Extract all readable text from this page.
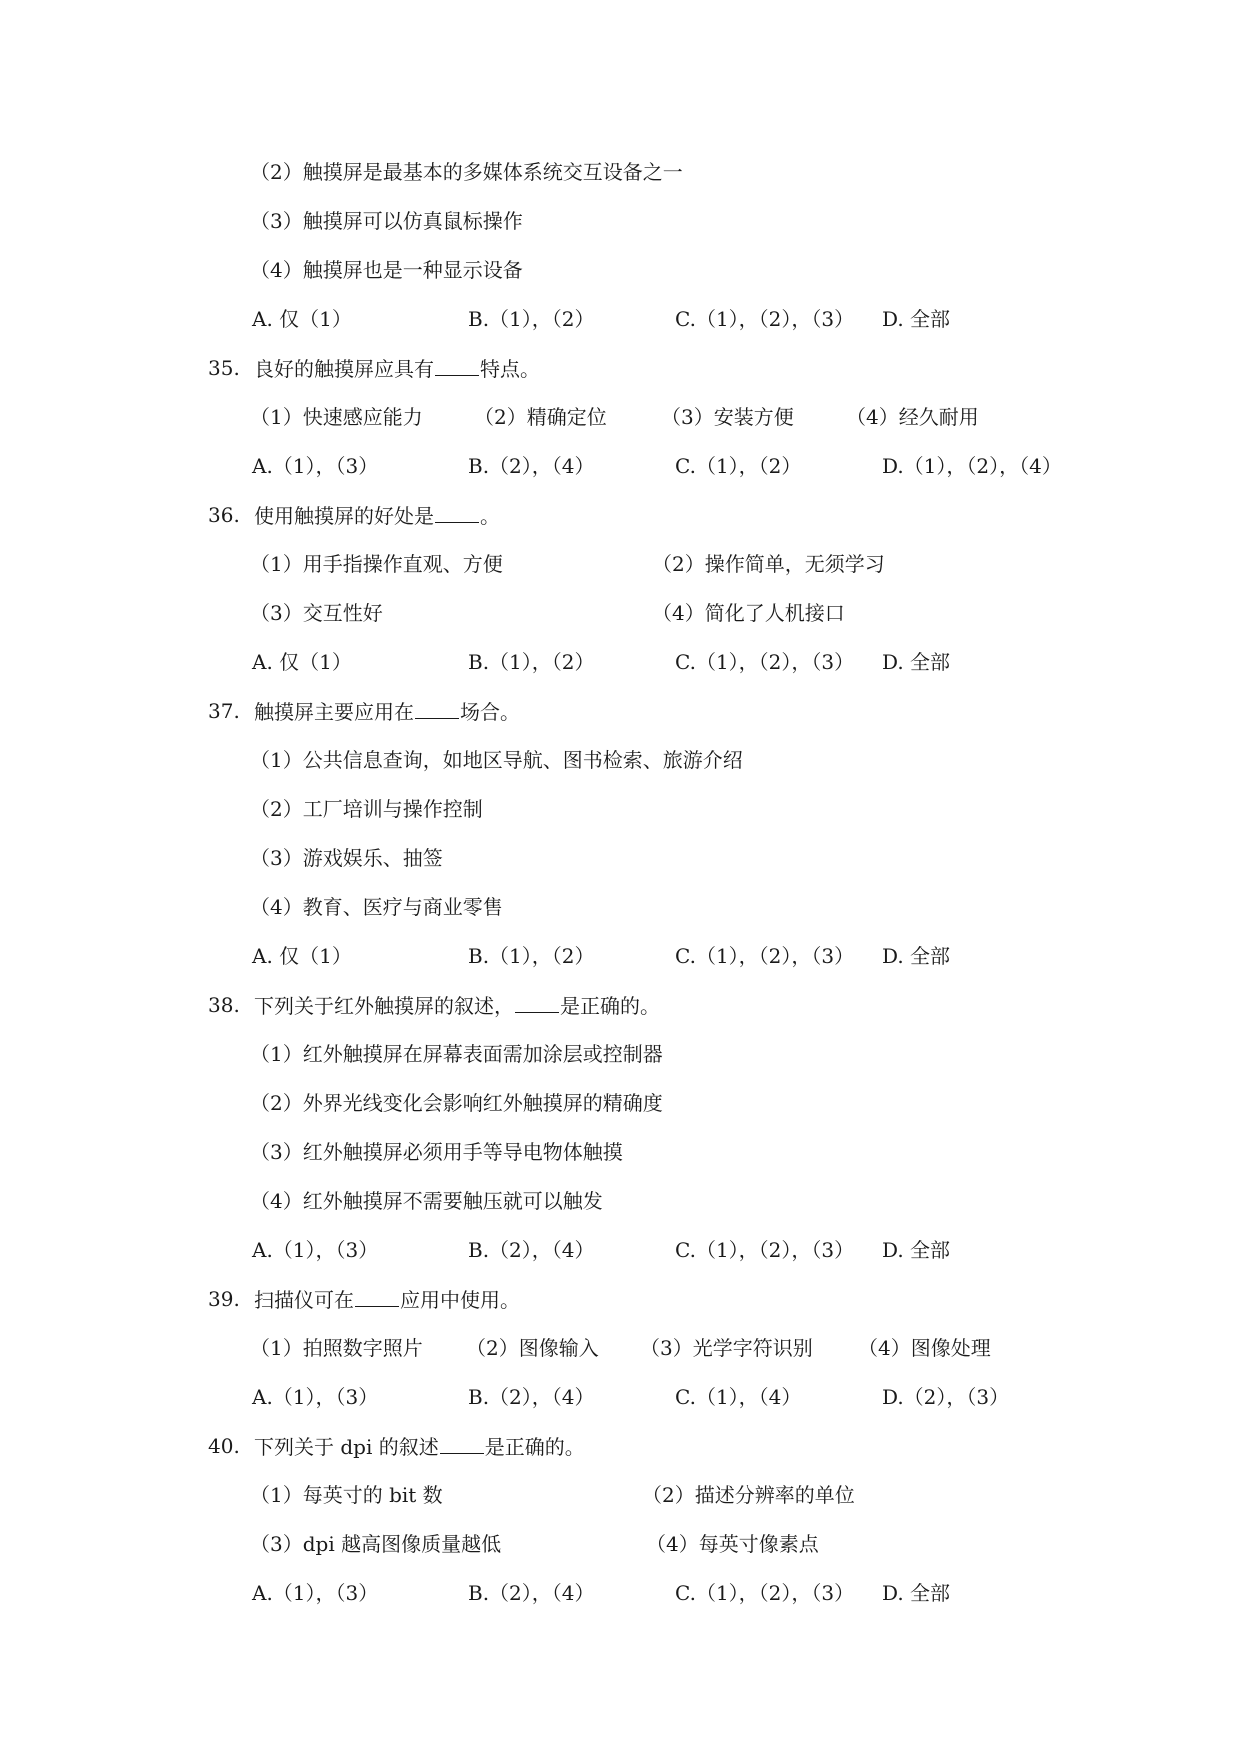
（2）触摸屏是最基本的多媒体系统交互设备之一
（3）触摸屏可以仿真鼠标操作
（4）触摸屏也是一种显示设备
A. 仅（1）	B.（1），（2）	C.（1），（2），（3） D. 全部
35. 良好的触摸屏应具有 特点。
（1）快速感应能力	（2）精确定位	（3）安装方便	（4）经久耐用
A.（1），（3）	B.（2），（4）	C.（1），（2）	D.（1），（2），（4）
36. 使用触摸屏的好处是 。
（1）用手指操作直观、方便	（2）操作简单，无须学习
（3）交互性好	（4）简化了人机接口
A. 仅（1）	B.（1），（2）	C.（1），（2），（3） D. 全部
37. 触摸屏主要应用在 场合。
（1）公共信息查询，如地区导航、图书检索、旅游介绍
（2）工厂培训与操作控制
（3）游戏娱乐、抽签
（4）教育、医疗与商业零售
A. 仅（1）	B.（1），（2）	C.（1），（2），（3） D. 全部
38. 下列关于红外触摸屏的叙述， 是正确的。
（1）红外触摸屏在屏幕表面需加涂层或控制器
（2）外界光线变化会影响红外触摸屏的精确度
（3）红外触摸屏必须用手等导电物体触摸
（4）红外触摸屏不需要触压就可以触发
A.（1），（3）	B.（2），（4）	C.（1），（2），（3） D. 全部
39. 扫描仪可在 应用中使用。
（1）拍照数字照片 （2）图像输入 （3）光学字符识别 （4）图像处理
A.（1），（3）	B.（2），（4）	C.（1），（4）	D.（2），（3）
40. 下列关于 dpi 的叙述 是正确的。
（1）每英寸的 bit 数	（2）描述分辨率的单位
（3）dpi 越高图像质量越低	（4）每英寸像素点
A.（1），（3）	B.（2），（4）	C.（1），（2），（3） D. 全部
